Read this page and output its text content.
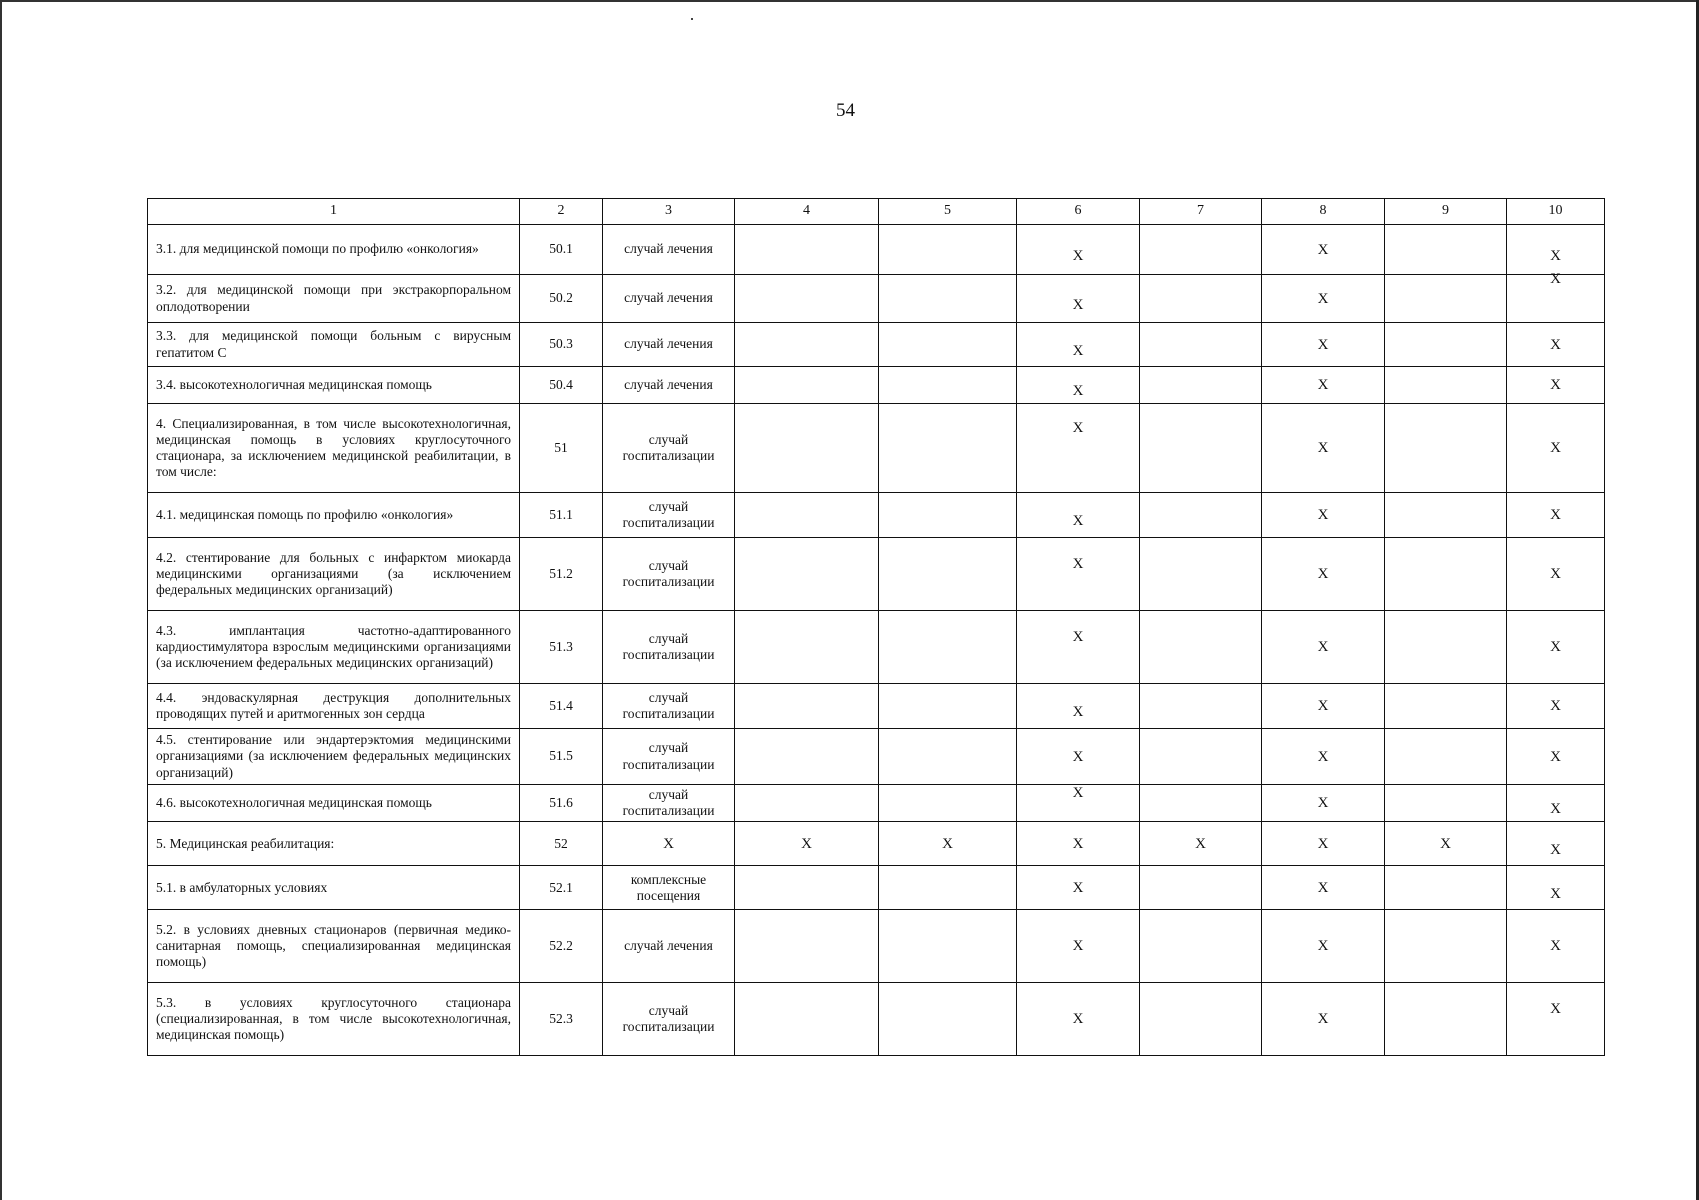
54
1	2	3	4	5	6	7	8	9	10
3.1. для медицинской помощи по профилю «онкология»	50.1	случай лечения			X		X		X
3.2. для медицинской помощи при экстракорпоральном оплодотворении	50.2	случай лечения			X		X		X
3.3. для медицинской помощи больным с вирусным гепатитом С	50.3	случай лечения			X		X		X
3.4. высокотехнологичная медицинская помощь	50.4	случай лечения			X		X		X
4. Специализированная, в том числе высокотехнологичная, медицинская помощь в условиях круглосуточного стационара, за исключением медицинской реабилитации, в том числе:	51	случай госпитализации			X		X		X
4.1. медицинская помощь по профилю «онкология»	51.1	случай госпитализации			X		X		X
4.2. стентирование для больных с инфарктом миокарда медицинскими организациями (за исключением федеральных медицинских организаций)	51.2	случай госпитализации			X		X		X
4.3. имплантация частотно-адаптированного кардиостимулятора взрослым медицинскими организациями (за исключением федеральных медицинских организаций)	51.3	случай госпитализации			X		X		X
4.4. эндоваскулярная деструкция дополнительных проводящих путей и аритмогенных зон сердца	51.4	случай госпитализации			X		X		X
4.5. стентирование или эндартерэктомия медицинскими организациями (за исключением федеральных медицинских организаций)	51.5	случай госпитализации			X		X		X
4.6. высокотехнологичная медицинская помощь	51.6	случай госпитализации			X		X		X
5. Медицинская реабилитация:	52	X	X	X	X	X	X	X	X
5.1. в амбулаторных условиях	52.1	комплексные посещения			X		X		X
5.2. в условиях дневных стационаров (первичная медико-санитарная помощь, специализированная медицинская помощь)	52.2	случай лечения			X		X		X
5.3. в условиях круглосуточного стационара (специализированная, в том числе высокотехнологичная, медицинская помощь)	52.3	случай госпитализации			X		X		X
